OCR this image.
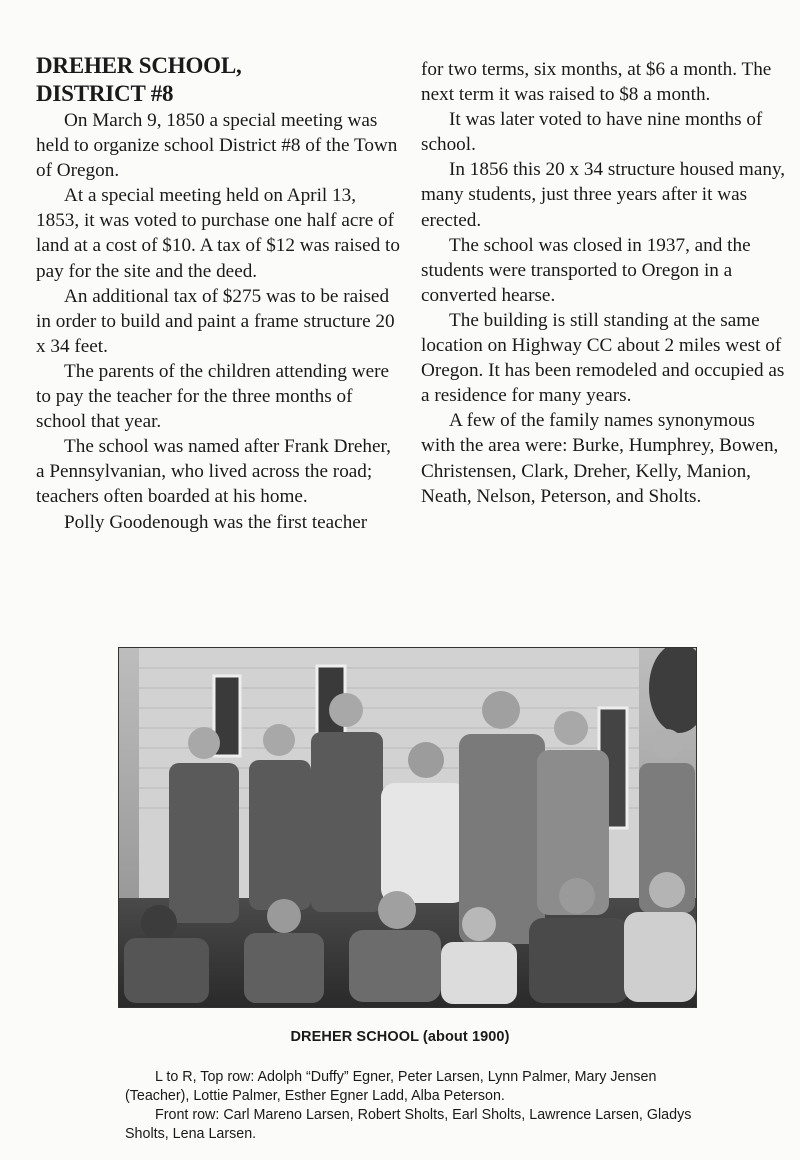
DREHER SCHOOL,
DISTRICT #8

On March 9, 1850 a special meeting was held to organize school District #8 of the Town of Oregon.

At a special meeting held on April 13, 1853, it was voted to purchase one half acre of land at a cost of $10. A tax of $12 was raised to pay for the site and the deed.

An additional tax of $275 was to be raised in order to build and paint a frame structure 20 x 34 feet.

The parents of the children attending were to pay the teacher for the three months of school that year.

The school was named after Frank Dreher, a Pennsylvanian, who lived across the road; teachers often boarded at his home.

Polly Goodenough was the first teacher

for two terms, six months, at $6 a month. The next term it was raised to $8 a month.

It was later voted to have nine months of school.

In 1856 this 20 x 34 structure housed many, many students, just three years after it was erected.

The school was closed in 1937, and the students were transported to Oregon in a converted hearse.

The building is still standing at the same location on Highway CC about 2 miles west of Oregon. It has been remodeled and occupied as a residence for many years.

A few of the family names synonymous with the area were: Burke, Humphrey, Bowen, Christensen, Clark, Dreher, Kelly, Manion, Neath, Nelson, Peterson, and Sholts.

DREHER SCHOOL (about 1900)

L to R, Top row: Adolph “Duffy” Egner, Peter Larsen, Lynn Palmer, Mary Jensen (Teacher), Lottie Palmer, Esther Egner Ladd, Alba Peterson.

Front row: Carl Mareno Larsen, Robert Sholts, Earl Sholts, Lawrence Larsen, Gladys Sholts, Lena Larsen.
